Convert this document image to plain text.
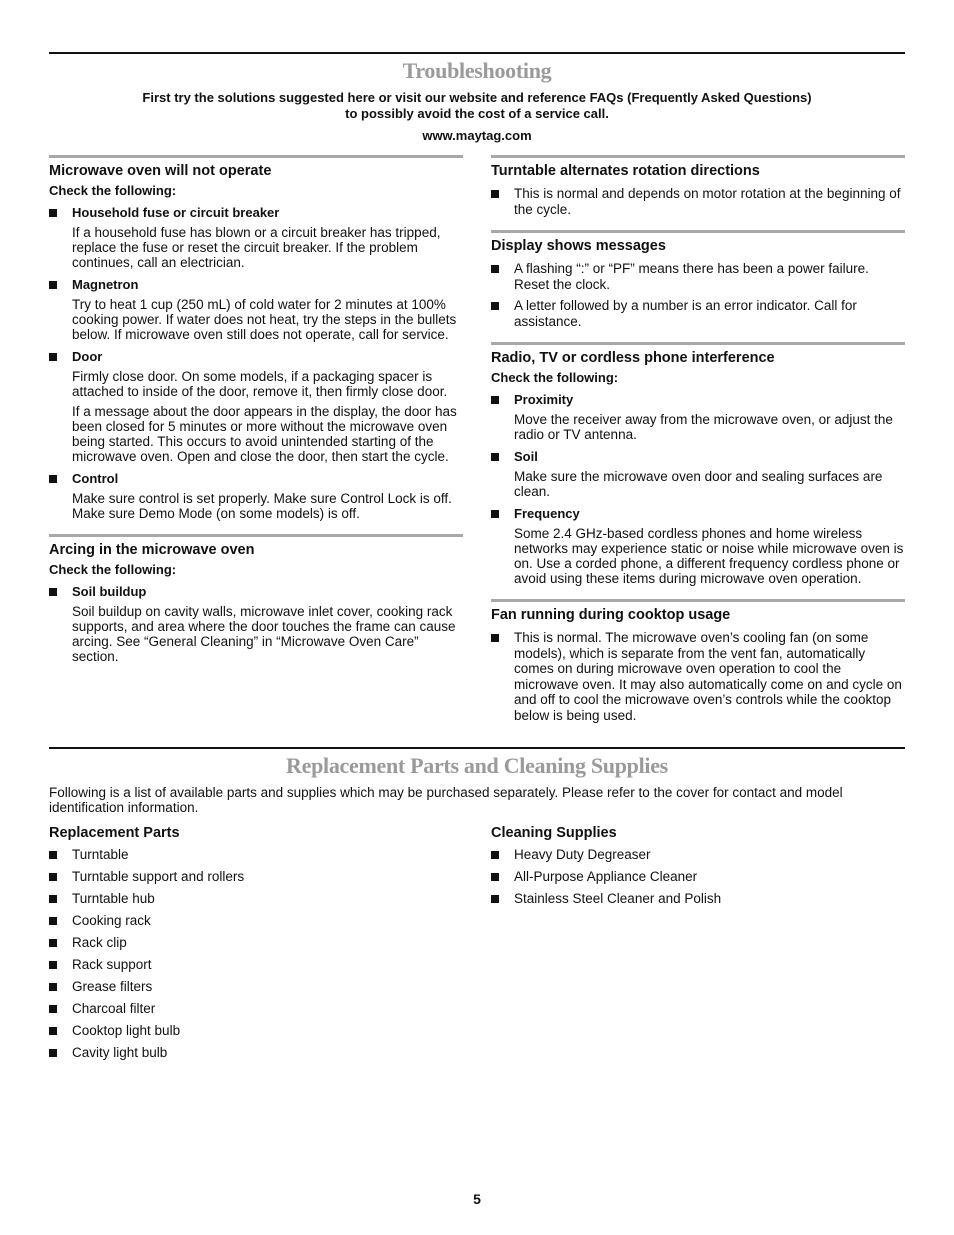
Troubleshooting
First try the solutions suggested here or visit our website and reference FAQs (Frequently Asked Questions)
to possibly avoid the cost of a service call.
www.maytag.com
Microwave oven will not operate
Check the following:
Household fuse or circuit breaker
If a household fuse has blown or a circuit breaker has tripped, replace the fuse or reset the circuit breaker. If the problem continues, call an electrician.
Magnetron
Try to heat 1 cup (250 mL) of cold water for 2 minutes at 100% cooking power. If water does not heat, try the steps in the bullets below. If microwave oven still does not operate, call for service.
Door
Firmly close door. On some models, if a packaging spacer is attached to inside of the door, remove it, then firmly close door.
If a message about the door appears in the display, the door has been closed for 5 minutes or more without the microwave oven being started. This occurs to avoid unintended starting of the microwave oven. Open and close the door, then start the cycle.
Control
Make sure control is set properly. Make sure Control Lock is off. Make sure Demo Mode (on some models) is off.
Arcing in the microwave oven
Check the following:
Soil buildup
Soil buildup on cavity walls, microwave inlet cover, cooking rack supports, and area where the door touches the frame can cause arcing. See “General Cleaning” in “Microwave Oven Care” section.
Turntable alternates rotation directions
This is normal and depends on motor rotation at the beginning of the cycle.
Display shows messages
A flashing “:” or “PF” means there has been a power failure. Reset the clock.
A letter followed by a number is an error indicator. Call for assistance.
Radio, TV or cordless phone interference
Check the following:
Proximity
Move the receiver away from the microwave oven, or adjust the radio or TV antenna.
Soil
Make sure the microwave oven door and sealing surfaces are clean.
Frequency
Some 2.4 GHz-based cordless phones and home wireless networks may experience static or noise while microwave oven is on. Use a corded phone, a different frequency cordless phone or avoid using these items during microwave oven operation.
Fan running during cooktop usage
This is normal. The microwave oven’s cooling fan (on some models), which is separate from the vent fan, automatically comes on during microwave oven operation to cool the microwave oven. It may also automatically come on and cycle on and off to cool the microwave oven’s controls while the cooktop below is being used.
Replacement Parts and Cleaning Supplies
Following is a list of available parts and supplies which may be purchased separately. Please refer to the cover for contact and model identification information.
Replacement Parts
Turntable
Turntable support and rollers
Turntable hub
Cooking rack
Rack clip
Rack support
Grease filters
Charcoal filter
Cooktop light bulb
Cavity light bulb
Cleaning Supplies
Heavy Duty Degreaser
All-Purpose Appliance Cleaner
Stainless Steel Cleaner and Polish
5
